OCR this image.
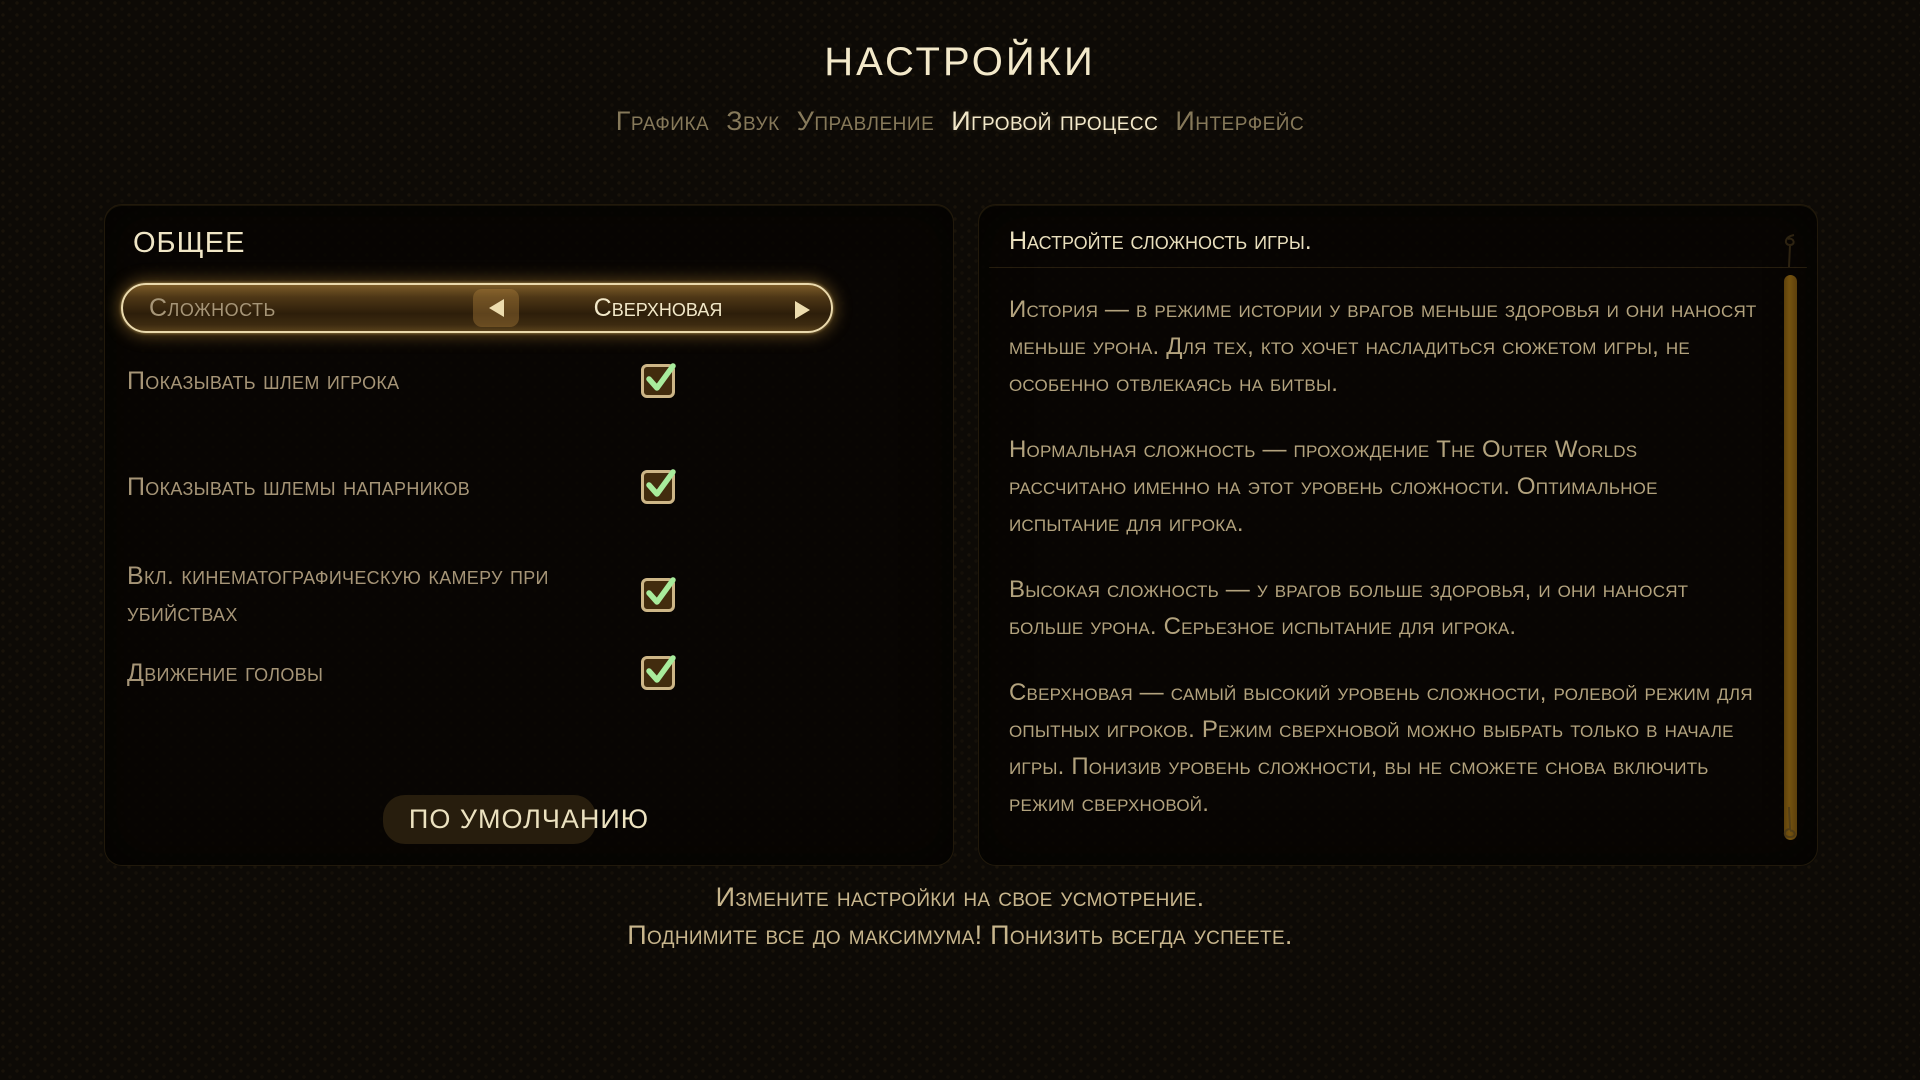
НАСТРОЙКИ
Графика Звук Управление Игровой процесс Интерфейс
ОБЩЕЕ
Сложность	Сверхновая
Показывать шлем игрока
Показывать шлемы напарников
Вкл. кинематографическую камеру при убийствах
Движение головы
ПО УМОЛЧАНИЮ
Настройте сложность игры.

История — в режиме истории у врагов меньше здоровья и они наносят меньше урона. Для тех, кто хочет насладиться сюжетом игры, не особенно отвлекаясь на битвы.

Нормальная сложность — прохождение The Outer Worlds рассчитано именно на этот уровень сложности. Оптимальное испытание для игрока.

Высокая сложность — у врагов больше здоровья, и они наносят больше урона. Серьезное испытание для игрока.

Сверхновая — самый высокий уровень сложности, ролевой режим для опытных игроков. Режим сверхновой можно выбрать только в начале игры. Понизив уровень сложности, вы не сможете снова включить режим сверхновой.

Измените настройки на свое усмотрение.
Поднимите все до максимума! Понизить всегда успеете.
